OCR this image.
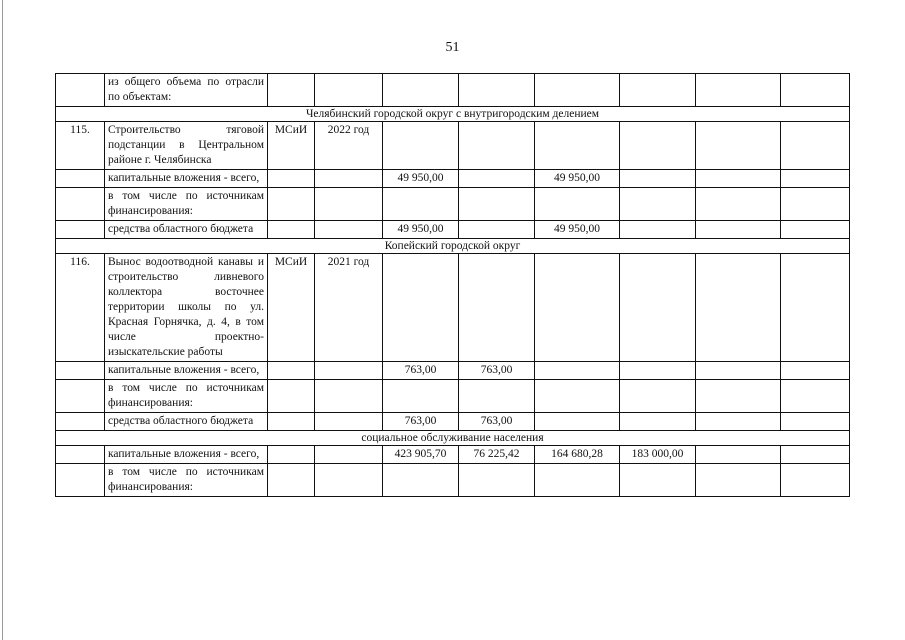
51
	из общего объема по отрасли по объектам:								
Челябинский городской округ с внутригородским делением									
115.	Строительство тяговой подстанции в Центральном районе г. Челябинска	МСиИ	2022 год						
	капитальные вложения - всего,			49 950,00		49 950,00			
	в том числе по источникам финансирования:								
	средства областного бюджета			49 950,00		49 950,00			
Копейский городской округ									
116.	Вынос водоотводной канавы и строительство ливневого коллектора восточнее территории школы по ул. Красная Горнячка, д. 4, в том числе проектно-изыскательские работы	МСиИ	2021 год						
	капитальные вложения - всего,			763,00	763,00				
	в том числе по источникам финансирования:								
	средства областного бюджета			763,00	763,00				
социальное обслуживание населения									
	капитальные вложения - всего,			423 905,70	76 225,42	164 680,28	183 000,00		
	в том числе по источникам финансирования:								
